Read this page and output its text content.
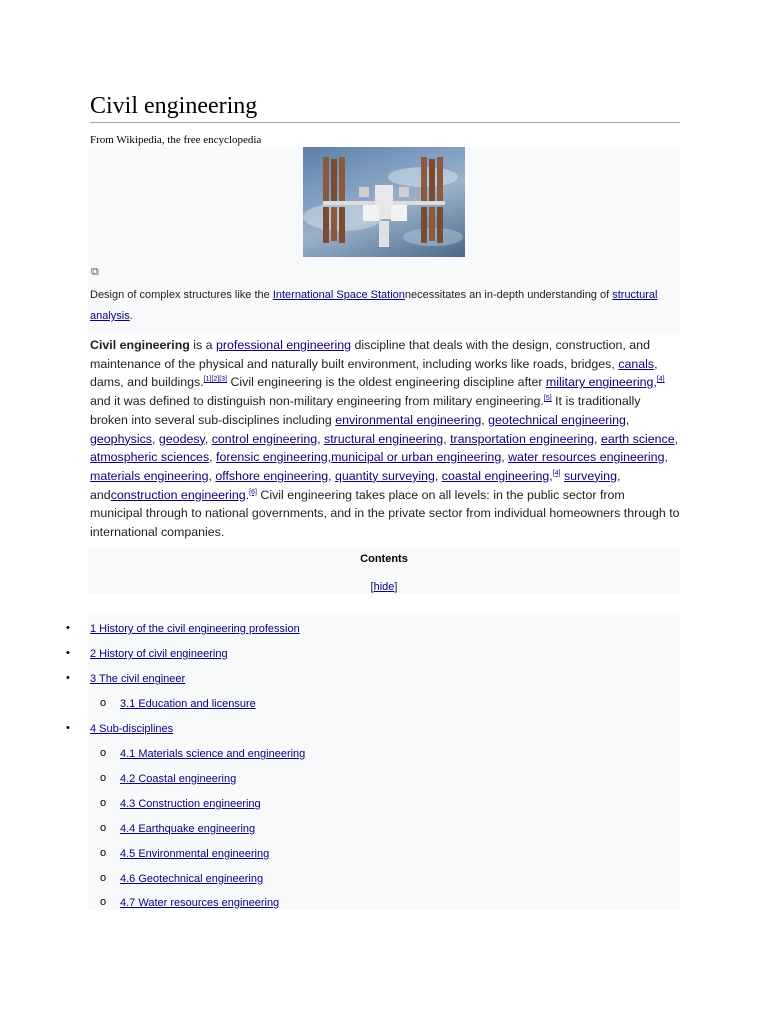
Civil engineering
From Wikipedia, the free encyclopedia
⧉
Design of complex structures like the International Space Stationnecessitates an in-depth understanding of structural analysis.
Civil engineering is a professional engineering discipline that deals with the design, construction, and maintenance of the physical and naturally built environment, including works like roads, bridges, canals, dams, and buildings.[1][2][3] Civil engineering is the oldest engineering discipline after military engineering,[4] and it was defined to distinguish non-military engineering from military engineering.[5] It is traditionally broken into several sub-disciplines including environmental engineering, geotechnical engineering, geophysics, geodesy, control engineering, structural engineering, transportation engineering, earth science, atmospheric sciences, forensic engineering,municipal or urban engineering, water resources engineering, materials engineering, offshore engineering, quantity surveying, coastal engineering,[4] surveying, andconstruction engineering.[6] Civil engineering takes place on all levels: in the public sector from municipal through to national governments, and in the private sector from individual homeowners through to international companies.
Contents
[hide]
• 1 History of the civil engineering profession
• 2 History of civil engineering
• 3 The civil engineer
o 3.1 Education and licensure
• 4 Sub-disciplines
o 4.1 Materials science and engineering
o 4.2 Coastal engineering
o 4.3 Construction engineering
o 4.4 Earthquake engineering
o 4.5 Environmental engineering
o 4.6 Geotechnical engineering
o 4.7 Water resources engineering
